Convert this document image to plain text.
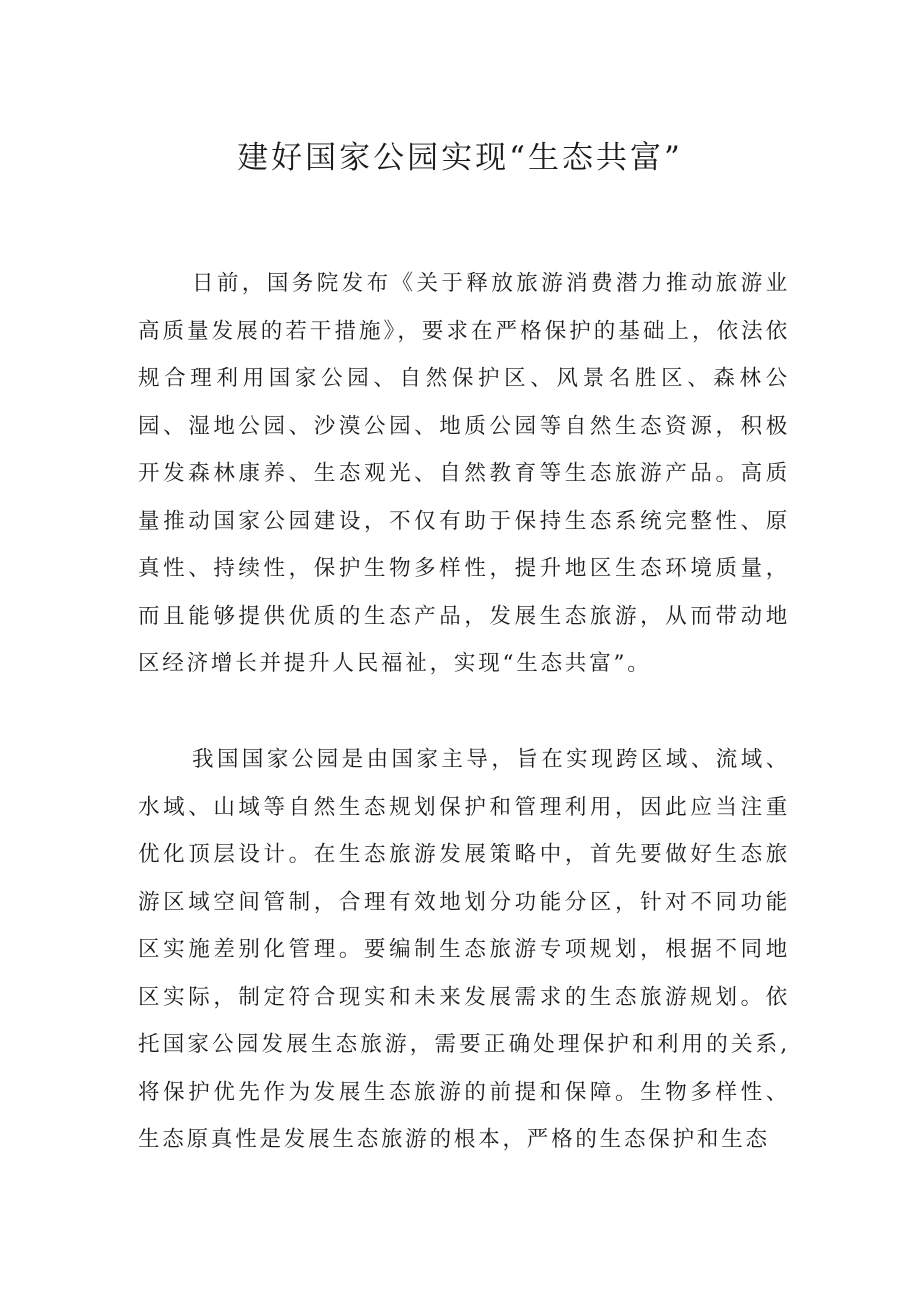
建好国家公园实现“生态共富”

日前，国务院发布《关于释放旅游消费潜力推动旅游业高质量发展的若干措施》，要求在严格保护的基础上，依法依规合理利用国家公园、自然保护区、风景名胜区、森林公园、湿地公园、沙漠公园、地质公园等自然生态资源，积极开发森林康养、生态观光、自然教育等生态旅游产品。高质量推动国家公园建设，不仅有助于保持生态系统完整性、原真性、持续性，保护生物多样性，提升地区生态环境质量，而且能够提供优质的生态产品，发展生态旅游，从而带动地区经济增长并提升人民福祉，实现“生态共富”。

我国国家公园是由国家主导，旨在实现跨区域、流域、水域、山域等自然生态规划保护和管理利用，因此应当注重优化顶层设计。在生态旅游发展策略中，首先要做好生态旅游区域空间管制，合理有效地划分功能分区，针对不同功能区实施差别化管理。要编制生态旅游专项规划，根据不同地区实际，制定符合现实和未来发展需求的生态旅游规划。依托国家公园发展生态旅游，需要正确处理保护和利用的关系,将保护优先作为发展生态旅游的前提和保障。生物多样性、生态原真性是发展生态旅游的根本，严格的生态保护和生态
